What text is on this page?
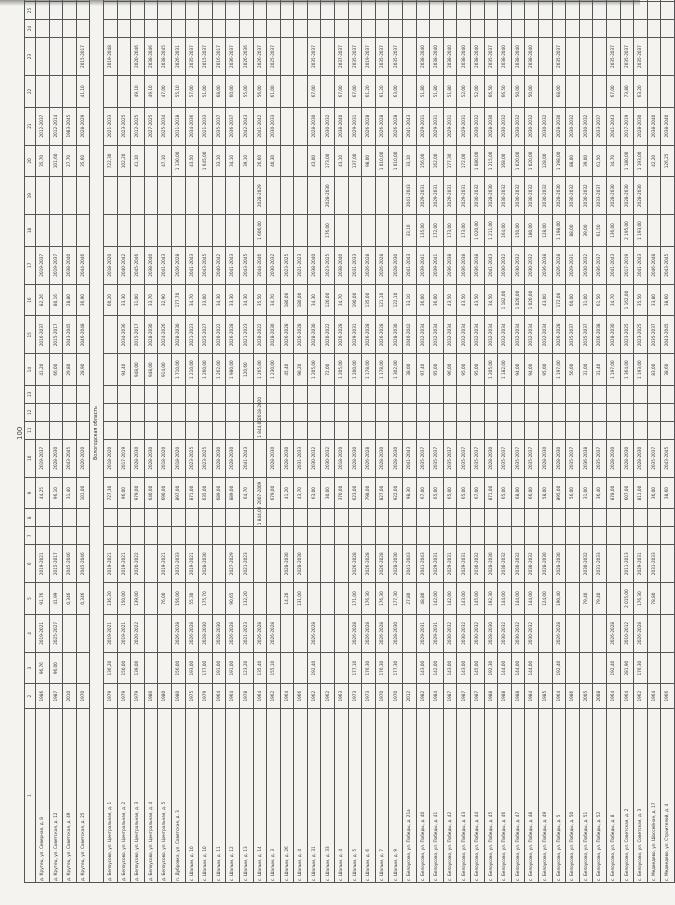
100
1	2	3	4	5	6	7	8	9	10	11	12	13	14	15	16	17	18	19	20	21	22	23	24	25	
д. Крутец, ул. Северная, д. 8	1986	96,76	2019-2021	91,76	2019-2021			44,25	2019-2037				41,20	2016-2037	82,26	2019-2037			35,70	2012-2037					
д. Крутец, ул. Советская, д. 12	1987	96,00	2025-2027	41,99	2015-2017			96,10	2028-2030				66,00	2015-2017	80,16	2019-2037			101,60	2012-2014					
д. Крутец, ул. Советская, д. 49	2010			0,346	2045-2046			31,40	2043-2045				29,80	2043-2045	28,80	2038-2040			27,70	1983-2045					
д. Крутец, ул. Советская, д. 25	1970			0,346	2045-2046			101,00	2020-2020				28,90	2046-2048	36,90	2044-2046			35,60	2028-2029	41,10	2015-2017			
Вологодская область																									
д. Белоусово, ул. Центральная, д. 1	1979	136,20	2019-2021	136,20	2019-2021			727,30	2018-2020						60,20	2018-2020			722,30	2021-2033		2019-2048			
д. Белоусово, ул. Центральная, д. 2	1979	150,00	2019-2021	150,00	2019-2021			96,00	2017-2019				94,40	2034-2036	33,30	2040-2042			102,20	2023-2025					
д. Белоусово, ул. Центральная, д. 3	1979	139,00	2020-2022	139,00	2020-2022			979,00	2028-2030				948,00	2015-2017	31,00	2045-2046			41,10	2012-2025	49,10	2020-2046			
д. Белоусово, ул. Центральная, д. 4	1980							640,00	2028-2030				948,00	2028-2030	33,70	2038-2040				2027-2025	49,10	2038-2046			
д. Белоусово, ул. Центральная, д. 5	1980			76,00	2019-2021			690,00	2018-2020				914,00	2024-2026	32,90	2041-2043			47,10	2025-2034	47,00	2038-2045			
п. Дубровка, ул. Советская, д. 3	1980	156,00	2026-2028	156,00	2031-2033			897,00	2018-2020				1 710,00	2028-2030	177,70	2026-2028			1 130,00	2011-2018	55,10	2026-2031			
с. Шалым, д. 10	1975	193,00	2026-2028	55,30	2019-2021			871,00	2023-2025				1 210,00	2021-2023	34,70	2041-2043			43,50	2034-2036	57,00	2035-2037			
с. Шалым, д. 10	1979	177,00	2028-2030	175,70	2028-2030			635,00	2023-2025				1 260,00	2025-2027	33,00	2043-2045			1 645,00	2021-2033	51,00	2015-2037			
с. Шалым, д. 11	1964	191,00	2028-2030					689,00	2028-2030				1 262,00	2020-2022	34,30	2040-2042			33,10	2035-2037	68,00	2016-2017			
с. Шалым, д. 12	1964	191,00	2026-2028	90,65	2027-2029			889,00	2028-2030				1 980,00	2026-2028	33,30	2041-2043			34,10	2036-2037	60,00	2036-2037			
с. Шалым, д. 13	1978	123,20	2021-2023	132,20	2021-2023			64,70	2041-2043				120,60	2021-2023	34,30	2043-2045			39,10	2042-2043	55,00	2026-2036			
с. Шалым, д. 14	1964	135,40	2026-2028				1 844,00	2007-2009		1 844,00	2018-2020		1 265,00	2020-2022	35,50	2044-2046	1 606,00	2028-2029	26,60	2041-2042	56,00	2026-2037			
с. Шалым, д. 3	1962	155,10	2026-2028					679,00	2028-2030				1 230,00	2028-2030	34,70	2030-2032			40,30	2030-2033	61,00	2025-2037			
с. Шалым, д. 26	1964			14,20	2028-2030			41,20	2028-2030				45,40	2026-2028	180,00	2023-2025									
с. Шалым, д. 4	1966			131,00	2028-2030			43,70	2031-2033				98,20	2026-2028	180,00	2021-2023									
с. Шалым, д. 31	1962	192,40	2026-2028					63,00	2030-2032				1 205,00	2028-2030	34,30	2038-2040			43,00	2028-2030	67,00	2035-2037			
с. Шалым, д. 33	1962							30,00	2030-2032				72,00	2020-2022	120,00	2023-2025	176,00	2028-2030	173,00	2030-2032					
с. Шалым, д. 4	1963							370,00	2018-2020				1 205,00	2026-2028	34,70	2038-2040			43,10	2038-2040	67,00	2037-2037			
с. Шалым, д. 5	1973	177,10	2026-2028	171,00	2026-2028			623,00	2028-2030				1 200,00	2029-2031	190,00	2031-2033			137,00	2029-2031	67,00	2035-2037			
с. Шалым, д. 6	1973	176,30	2026-2028	176,30	2026-2028			798,00	2026-2028				1 178,00	2026-2028	135,00	2026-2028			98,00	2026-2028	61,20	2019-2037			
с. Шалым, д. 7	1970	176,30	2026-2028	176,30	2026-2028			827,00	2028-2030				1 178,00	2026-2028	121,10	2026-2028			1 010,00	2026-2028	61,20	2035-2037			
с. Шалым, д. 9	1970	177,30	2028-2030	177,30	2028-2030			922,00	2028-2030				1 302,00	2028-2030	122,10	2028-2030			1 010,00	2026-2028	63,00	2035-2037			
с. Белоусово, ул. Победы, д. 21а	2012			27,80	2041-2043			98,30	2041-2043				38,00	2040-2042	33,10	2041-2043	33,10	2041-2043	33,10	2041-2043					
с. Белоусово, ул. Победы, д. 40	1982	143,00	2029-2031	48,80	2041-2043			67,00	2035-2037				97,40	2032-2034	36,00	2039-2041	135,00	2029-2031	156,00	2029-2031	51,80	2038-2040			
с. Белоусово, ул. Победы, д. 41	1984	142,00	2029-2031	142,00	2029-2031			65,00	2035-2037				95,00	2032-2034	36,00	2039-2041	172,00	2029-2031	162,00	2029-2031	51,80	2038-2040			
с. Белоусово, ул. Победы, д. 42	1987	143,00	2030-2032	142,00	2029-2031			65,00	2035-2037				96,00	2032-2034	43,50	2036-2038	173,00	2029-2031	177,30	2029-2031	51,80	2038-2040			
с. Белоусово, ул. Победы, д. 43	1987	143,00	2030-2032	143,00	2029-2031			65,00	2035-2037				95,00	2032-2034	43,50	2036-2038	173,00	2029-2031	172,00	2029-2031	52,00	2038-2040			
с. Белоусово, ул. Победы, д. 44	1987	145,00	2030-2032	145,00	2030-2032			67,00	2035-2037				95,00	2032-2034	43,50	2036-2038	1 020,00	2030-2032	1 080,00	2030-2032	52,00	2038-2040			
с. Белоусово, ул. Победы, д. 45	1988	192,30	2028-2030	192,30	2028-2030			871,00	2028-2030				1 205,00	2032-2034	34,50	2041-2043	1 211,00	2028-2030	1 215,00	2028-2030	66,50	2035-2037			
с. Белоусово, ул. Победы, д. 46	1988	144,00	2030-2032	144,00	2030-2032			65,00	2035-2037				1 182,00	2032-2034	1 182,00	2030-2032	164,00	2030-2032	168,00	2030-2032	66,50	2038-2040			
с. Белоусово, ул. Победы, д. 47	1988	144,00	2030-2032	144,00	2030-2032			68,00	2035-2037				94,00	2032-2034	1 020,00	2030-2032	150,00	2030-2032	1 020,00	2030-2032	50,00	2038-2040			
с. Белоусово, ул. Победы, д. 48	1984	144,00	2030-2032	144,00	2030-2032			66,00	2035-2037				94,00	2032-2034	1 020,00	2030-2032	180,00	2030-2032	1 020,00	2030-2032	50,00	2038-2040			
с. Белоусово, ул. Победы, д. 49	1985			124,00	2028-2030			58,00	2028-2030				95,00	2032-2034	43,00	2036-2038	128,00	2030-2032	128,00	2030-2032					
с. Белоусово, ул. Победы, д. 5	1964	192,40	2026-2028	190,40	2028-2030			895,00	2028-2030				1 197,00	2026-2028	172,00	2026-2028	1 198,00	2028-2030	1 198,00	2028-2030	68,00	2035-2037			
с. Белоусово, ул. Победы, д. 50	1986							56,00	2035-2037				56,00	2035-2037	60,00	2029-2031	88,00	2030-2032	88,00	2030-2032					
с. Белоусово, ул. Победы, д. 51	2005			79,40	2030-2032			31,00	2036-2038				31,00	2035-2037	31,00	2030-2032	39,00	2030-2032	39,00	2030-2032					
с. Белоусово, ул. Победы, д. 52	2008			79,40	2031-2033			36,40	2035-2037				31,40	2036-2038	61,50	2036-2037	61,50	2033-2037	61,50	2033-2037					
с. Белоусово, ул. Победы, д. 8	1964	192,40	2026-2028					878,00	2028-2030				1 197,00	2028-2030	34,70	2041-2043	136,00	2028-2030	34,70	2041-2043	67,00	2035-2037			
с. Белоусово, ул. Советская, д. 2	1964	281,90	2010-2012	2 015,00	2011-2013			607,00	2028-2030				1 364,00	2023-2025	1 162,00	2017-2019	2 195,00	2028-2030	1 180,00	2017-2019	73,80	2035-2037			
с. Белоусово, ул. Советская, д. 3	1962	176,30	2026-2028	176,30	2029-2031			811,00	2028-2030				1 193,00	2023-2025	35,50	2041-2043	1 193,00	2028-2030	1 193,00	2028-2030	63,20	2035-2037			
с. Медведево, ул. Шоссейная, д. 17	1964			78,80	2031-2033			36,00	2035-2037				83,00	2035-2037	33,80	2046-2048			42,20	2038-2040					
с. Медведево, ул. Строителей, д. 4	1966							38,60	2043-2045				38,60	2043-2045	38,60	2043-2045			126,25	2038-2040					
